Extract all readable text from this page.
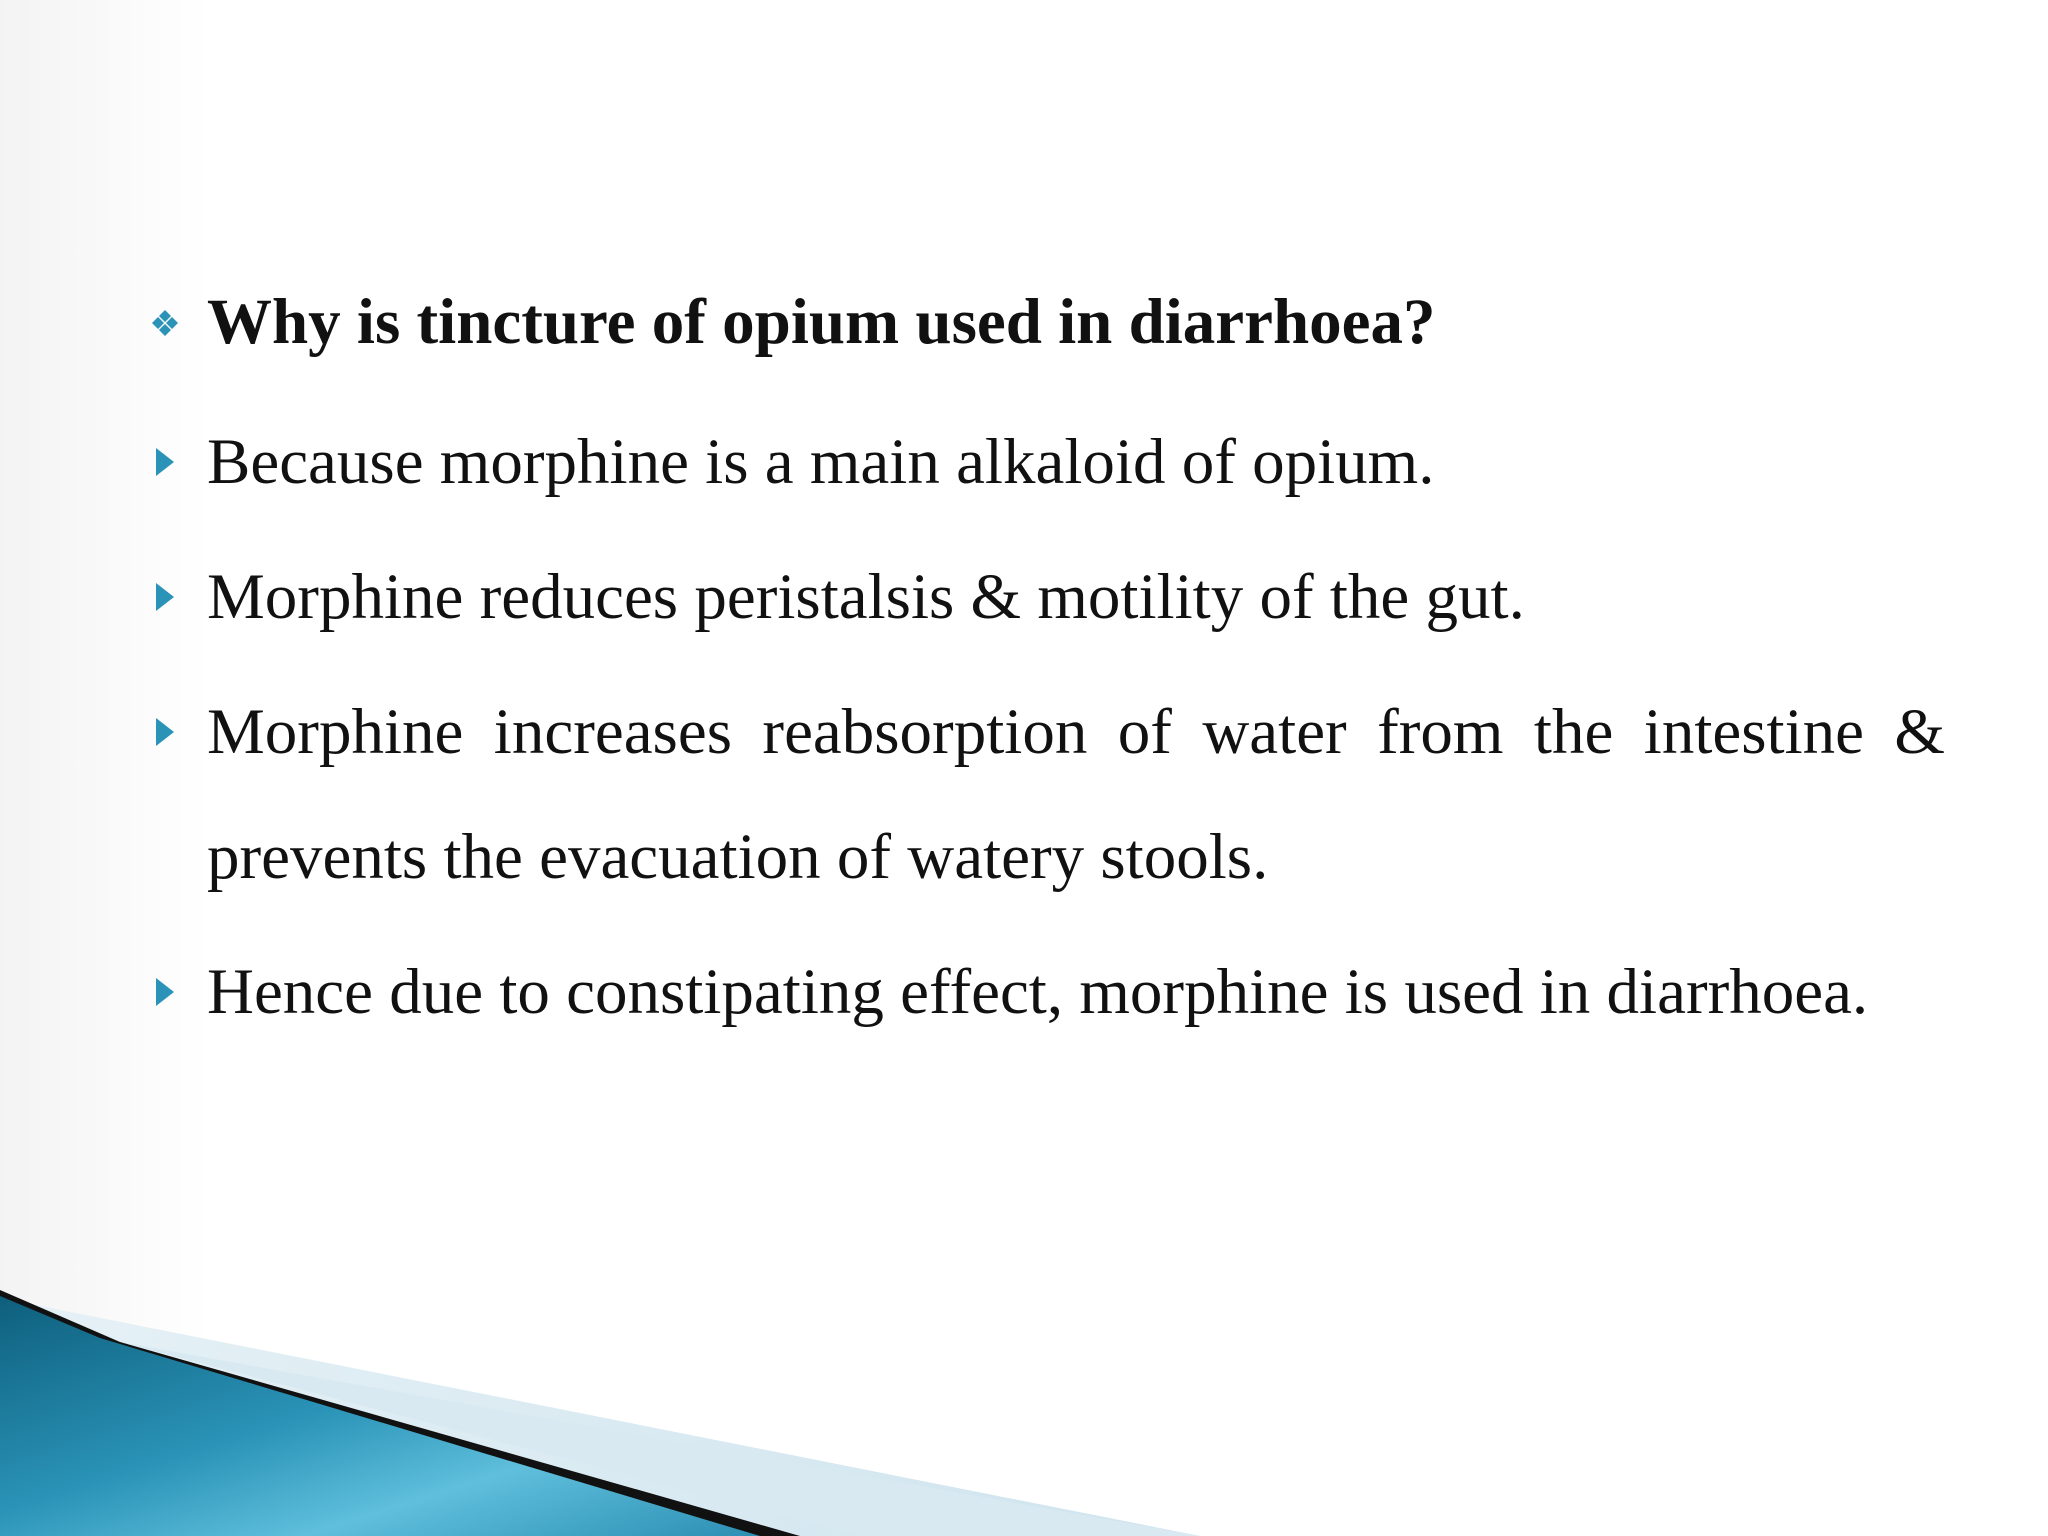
Why is tincture of opium used in diarrhoea?
Because morphine is a main alkaloid of opium.
Morphine reduces peristalsis & motility of the gut.
Morphine increases reabsorption of water from the intestine & prevents the evacuation of watery stools.
Hence due to constipating effect, morphine is used in diarrhoea.
